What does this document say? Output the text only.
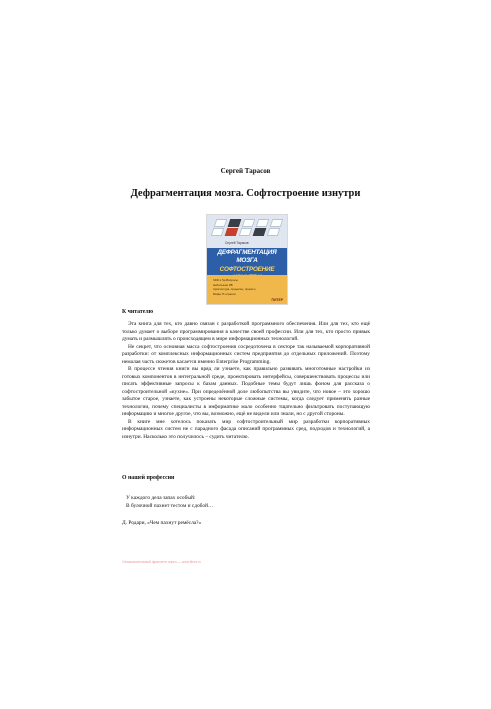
Сергей Тарасов
Дефрагментация мозга. Софтостроение изнутри
Сергей Тарасов
ДЕФРАГМЕНТАЦИЯ
МОЗГА
СОФТОСТРОЕНИЕ
SDD и Sp-Вопросы
Небольшие ИБ
Архитектура, процессы, проекты
Мифы IT-отрасли
ПИТЕР
К читателю

Эта книга для тех, кто давно связан с разработкой программного обеспечения. Или для тех, кто ещё только думает о выборе программирования в качестве своей профессии. Или для тех, кто просто привык думать и размышлять о происходящем в мире информационных технологий.

Не секрет, что основная масса софтостроения сосредоточена в секторе так называемой корпоративной разработки: от комплексных информационных систем предприятия до отдельных приложений. Поэтому немалая часть сюжетов касается именно Enterprise Programming.

В процессе чтения книги вы вряд ли узнаете, как правильно развивать многотомные настройки из готовых компонентов в интегральной среде, проектировать интерфейсы, совершенствовать процессы или писать эффективные запросы к базам данных. Подобные темы будут лишь фоном для рассказа о софтостроительной «кухне». При определённой доле любопытства вы увидите, что новое – это хорошо забытое старое, узнаете, как устроены некоторые сложные системы, когда следует применять разные технологии, почему специалисты в информатике мало особенно тщательно фильтровать поступающую информацию и многое другое, что вы, возможно, ещё не видели или знали, но с другой стороны.

В книге мне хотелось показать мир софтостроительный мир разработки корпоративных информационных систем не с парадного фасада описаний программных сред, подходов и технологий, а изнутри. Насколько это получилось – судить читателю.

О нашей профессии
У каждого дела запах особый:
В булочной пахнет тестом и сдобой…
Д. Родари, «Чем пахнут ремёсла?»
Ознакомительный фрагмент книги — www.litres.ru
